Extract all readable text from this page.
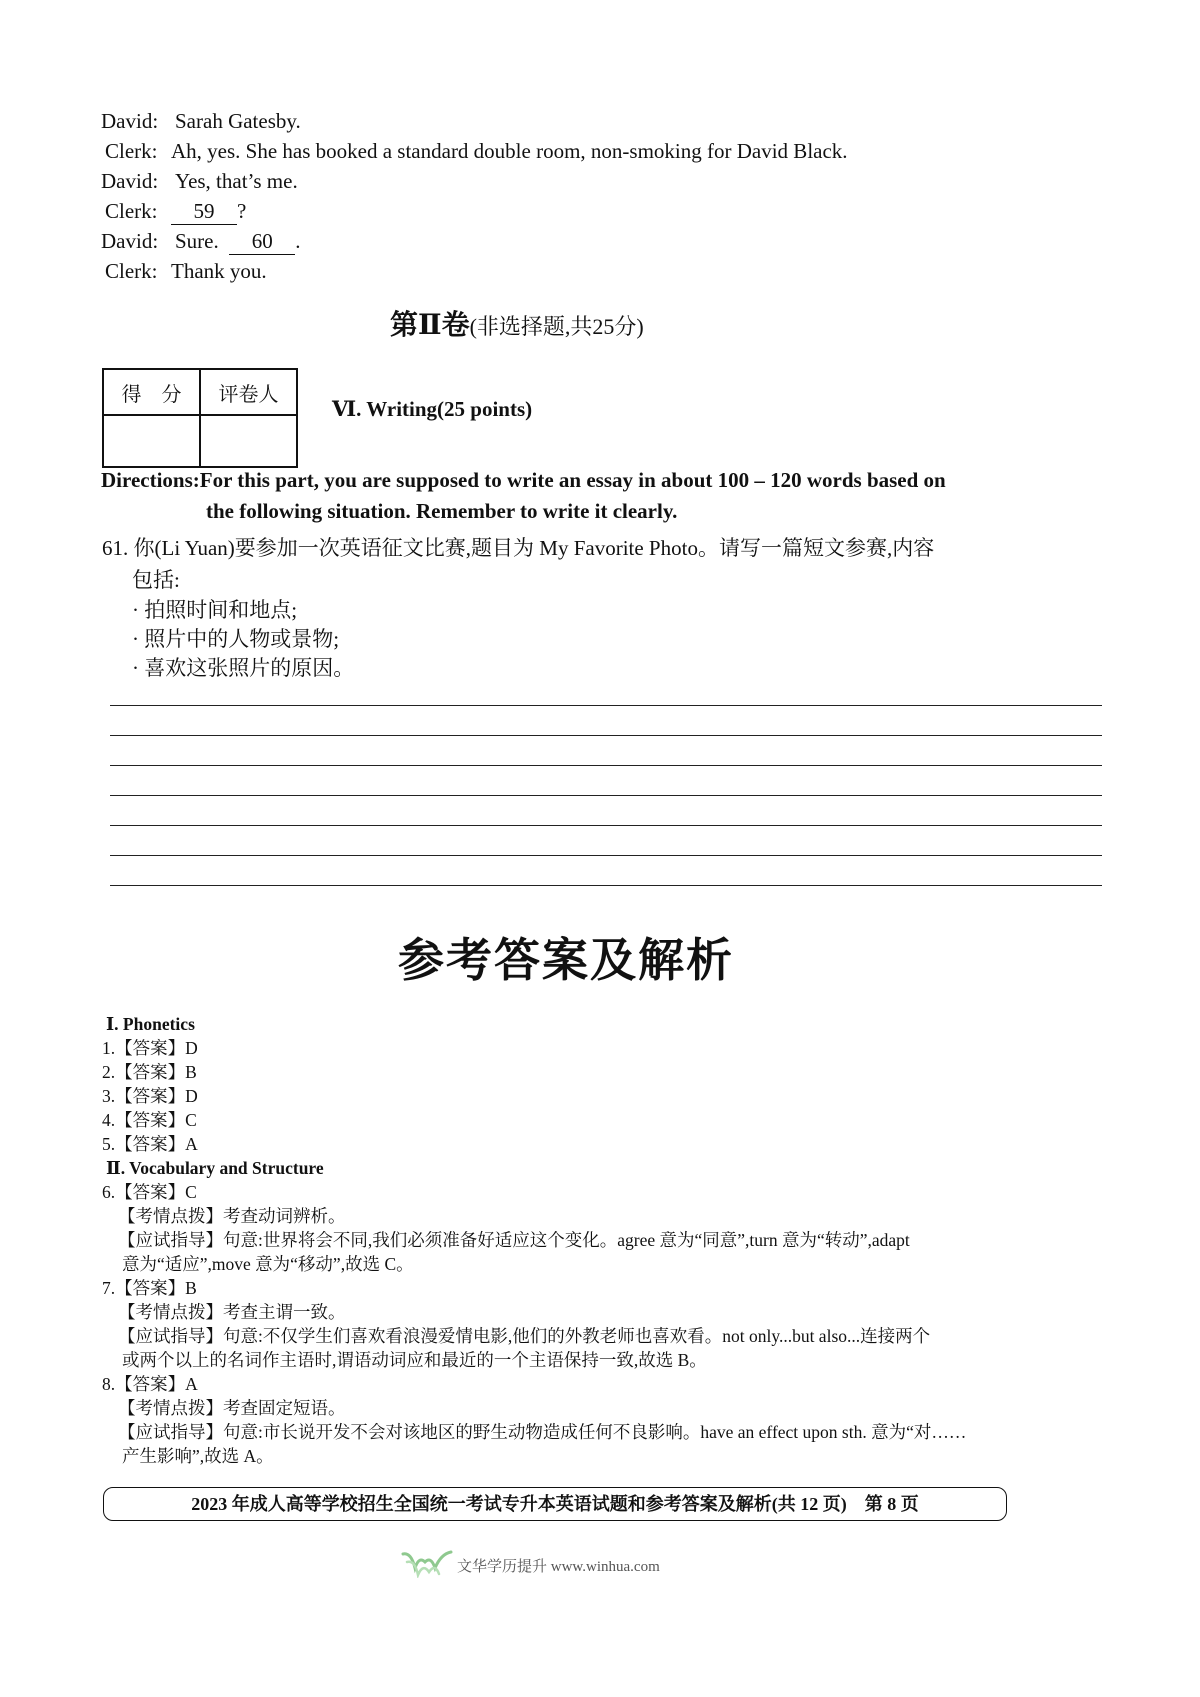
David: Sarah Gatesby.
Clerk: Ah, yes. She has booked a standard double room, non-smoking for David Black.
David: Yes, that’s me.
Clerk: 59 ?
David: Sure. 60 .
Clerk: Thank you.
第Ⅱ卷(非选择题,共25分)
得　分	评卷人

Ⅵ. Writing(25 points)
Directions:For this part, you are supposed to write an essay in about 100 – 120 words based on
the following situation. Remember to write it clearly.
61. 你(Li Yuan)要参加一次英语征文比赛,题目为 My Favorite Photo。请写一篇短文参赛,内容
包括:
· 拍照时间和地点;
· 照片中的人物或景物;
· 喜欢这张照片的原因。
参考答案及解析
Ⅰ. Phonetics
1.【答案】D
2.【答案】B
3.【答案】D
4.【答案】C
5.【答案】A
Ⅱ. Vocabulary and Structure
6.【答案】C
【考情点拨】考查动词辨析。
【应试指导】句意:世界将会不同,我们必须准备好适应这个变化。agree 意为“同意”,turn 意为“转动”,adapt
意为“适应”,move 意为“移动”,故选 C。
7.【答案】B
【考情点拨】考查主谓一致。
【应试指导】句意:不仅学生们喜欢看浪漫爱情电影,他们的外教老师也喜欢看。not only...but also...连接两个
或两个以上的名词作主语时,谓语动词应和最近的一个主语保持一致,故选 B。
8.【答案】A
【考情点拨】考查固定短语。
【应试指导】句意:市长说开发不会对该地区的野生动物造成任何不良影响。have an effect upon sth. 意为“对……
产生影响”,故选 A。
2023 年成人高等学校招生全国统一考试专升本英语试题和参考答案及解析(共 12 页)　第 8 页
文华学历提升 www.winhua.com
